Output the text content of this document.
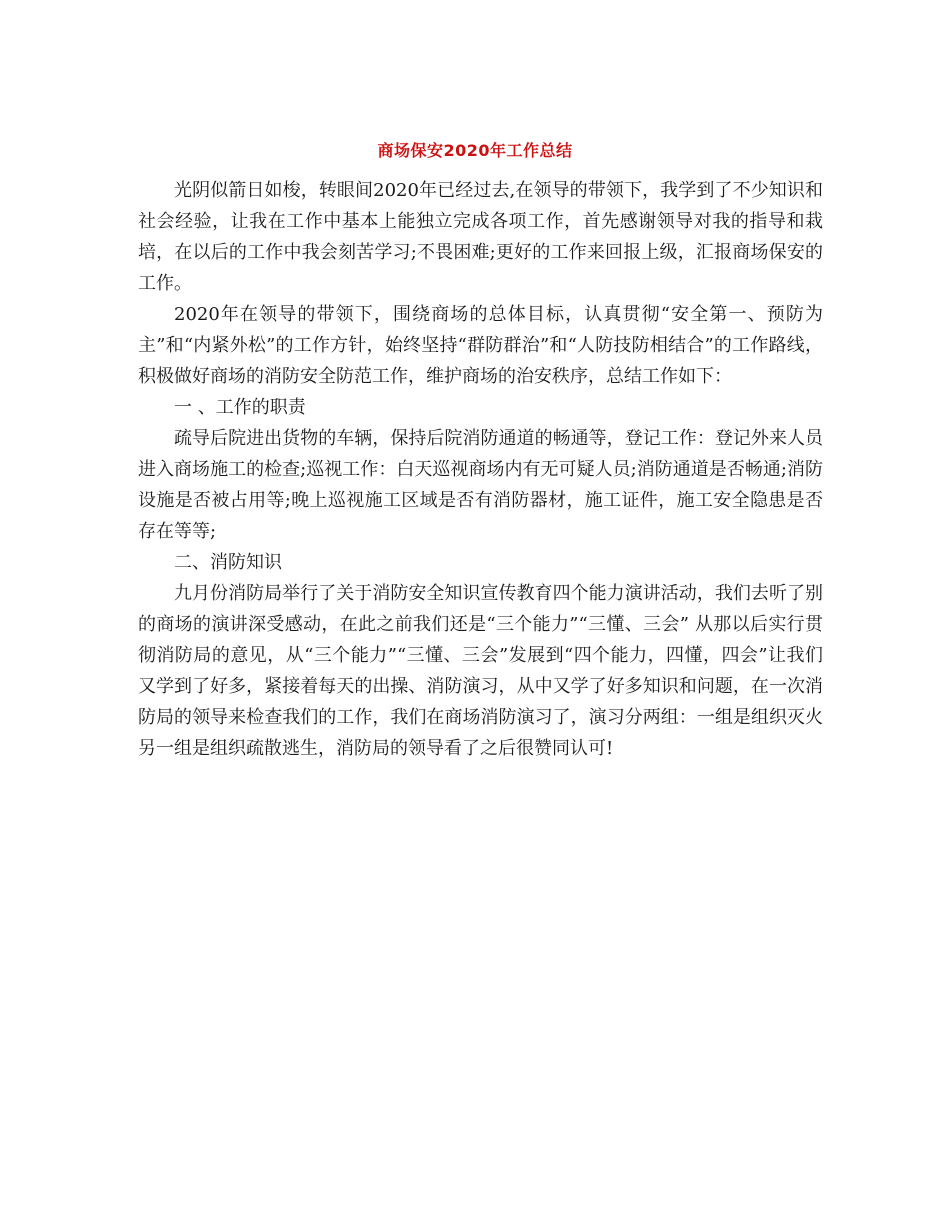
商场保安2020年工作总结

光阴似箭日如梭，转眼间2020年已经过去,在领导的带领下，我学到了不少知识和社会经验，让我在工作中基本上能独立完成各项工作，首先感谢领导对我的指导和栽培，在以后的工作中我会刻苦学习;不畏困难;更好的工作来回报上级，汇报商场保安的工作。

2020年在领导的带领下，围绕商场的总体目标，认真贯彻“安全第一、预防为主”和“内紧外松”的工作方针，始终坚持“群防群治”和“人防技防相结合”的工作路线，积极做好商场的消防安全防范工作，维护商场的治安秩序，总结工作如下：

一 、工作的职责

疏导后院进出货物的车辆，保持后院消防通道的畅通等，登记工作：登记外来人员进入商场施工的检查;巡视工作：白天巡视商场内有无可疑人员;消防通道是否畅通;消防设施是否被占用等;晚上巡视施工区域是否有消防器材，施工证件，施工安全隐患是否存在等等;

二、消防知识

九月份消防局举行了关于消防安全知识宣传教育四个能力演讲活动，我们去听了别的商场的演讲深受感动，在此之前我们还是“三个能力”“三懂、三会” 从那以后实行贯彻消防局的意见，从“三个能力”“三懂、三会”发展到“四个能力，四懂，四会”让我们又学到了好多，紧接着每天的出操、消防演习，从中又学了好多知识和问题，在一次消防局的领导来检查我们的工作，我们在商场消防演习了，演习分两组：一组是组织灭火另一组是组织疏散逃生，消防局的领导看了之后很赞同认可!
